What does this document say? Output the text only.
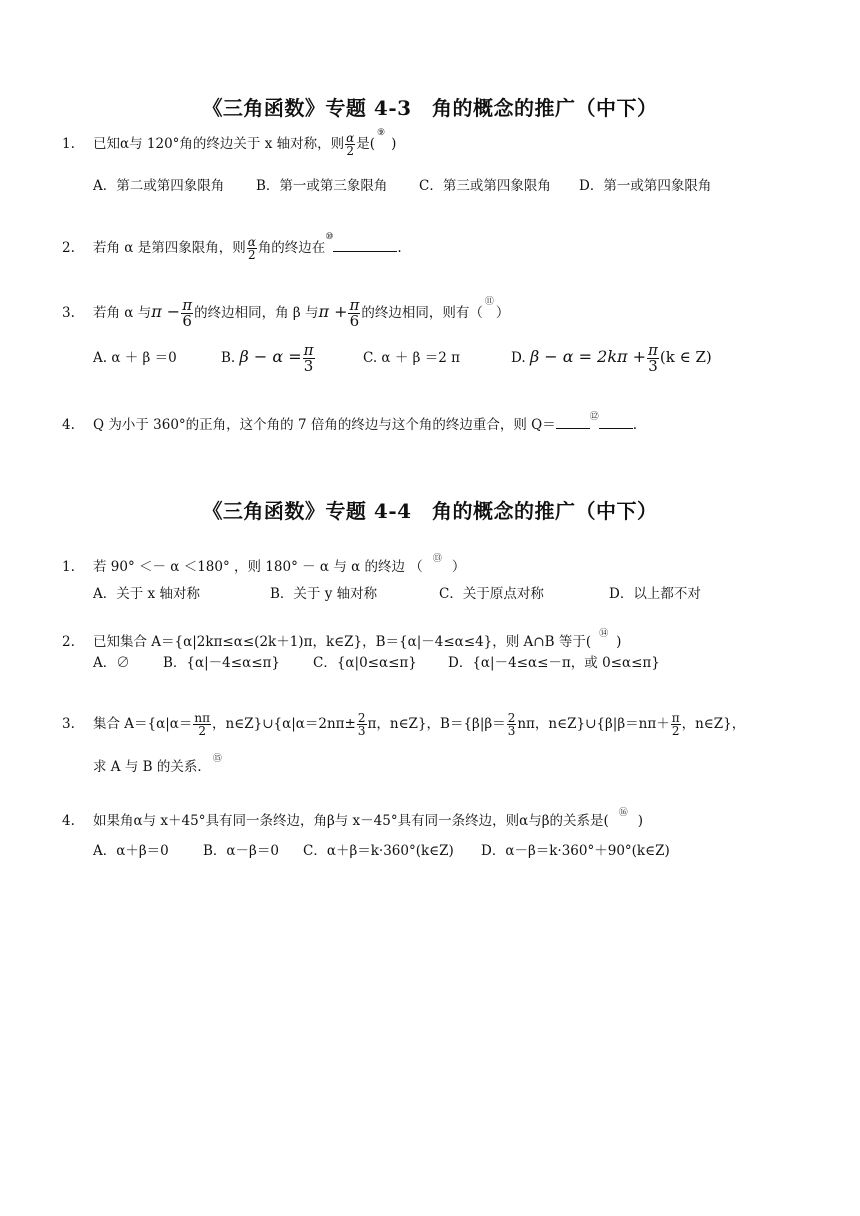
《三角函数》专题 4-3　角的概念的推广（中下）
1. 已知α与 120°角的终边关于 x 轴对称，则 $\frac{\alpha}{2}$ 是(⑨)
A．第二或第四象限角 B．第一或第三象限角 C．第三或第四象限角 D．第一或第四象限角
2. 若角 α 是第四象限角，则 $\frac{\alpha}{2}$ 角的终边在⑩.
3. 若角 α 与$\pi - \frac{\pi}{6}$ 的终边相同，角 β 与$\pi + \frac{\pi}{6}$ 的终边相同，则有（⑪）
A. α ＋ β ＝0	B. $\beta - \alpha = \frac{\pi}{3}$	C. α ＋ β ＝2 π	D. $\beta - \alpha = 2k\pi + \frac{\pi}{3} (k$ ∈ Z)
4. Q 为小于 360°的正角，这个角的 7 倍角的终边与这个角的终边重合，则 Q＝	⑫	.
《三角函数》专题 4-4　角的概念的推广（中下）
1. 若 90° ＜－ α ＜180° ，则 180° － α 与 α 的终边 （ ⑬ ）
A．关于 x 轴对称	B．关于 y 轴对称	C．关于原点对称	D．以上都不对
2. 已知集合 A＝{α|2kπ≤α≤(2k＋1)π，k∈Z}，B＝{α|－4≤α≤4}，则 A∩B 等于( ⑭ )
A．∅ B．{α|－4≤α≤π} C．{α|0≤α≤π} D．{α|－4≤α≤－π，或 0≤α≤π}
3. 集合 $A=\{\alpha|\alpha= \frac{n\pi}{2}$ ，n∈Z}∪{α|α＝2nπ± $\frac{2}{3}$ π，n∈Z}，$B=\{\beta|\beta= \frac{2}{3}$ nπ，n∈Z}∪{β|β＝nπ＋ $\frac{\pi}{2}$ ，n∈Z}，
求 A 与 B 的关系． ⑮
4. 如果角α与 x＋45°具有同一条终边，角β与 x－45°具有同一条终边，则α与β的关系是( ⑯ )
A．α＋β＝0	B．α－β＝0 C．α＋β＝k·360°(k∈Z) D．α－β＝k·360°＋90°(k∈Z)
